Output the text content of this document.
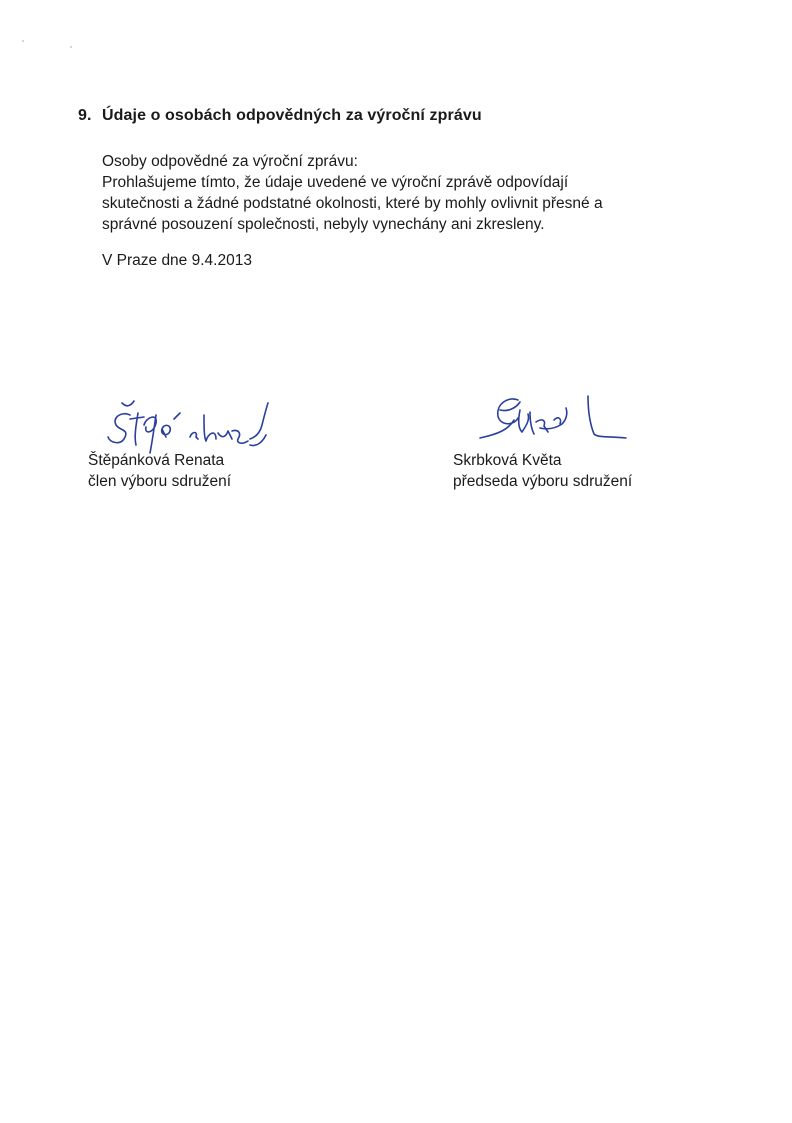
9. Údaje o osobách odpovědných za výroční zprávu
Osoby odpovědné za výroční zprávu:
Prohlašujeme tímto, že údaje uvedené ve výroční zprávě odpovídají
skutečnosti a žádné podstatné okolnosti, které by mohly ovlivnit přesné a
správné posouzení společnosti, nebyly vynechány ani zkresleny.
V Praze dne 9.4.2013
Štěpánková Renata
člen výboru sdružení
Skrbková Květa
předseda výboru sdružení
